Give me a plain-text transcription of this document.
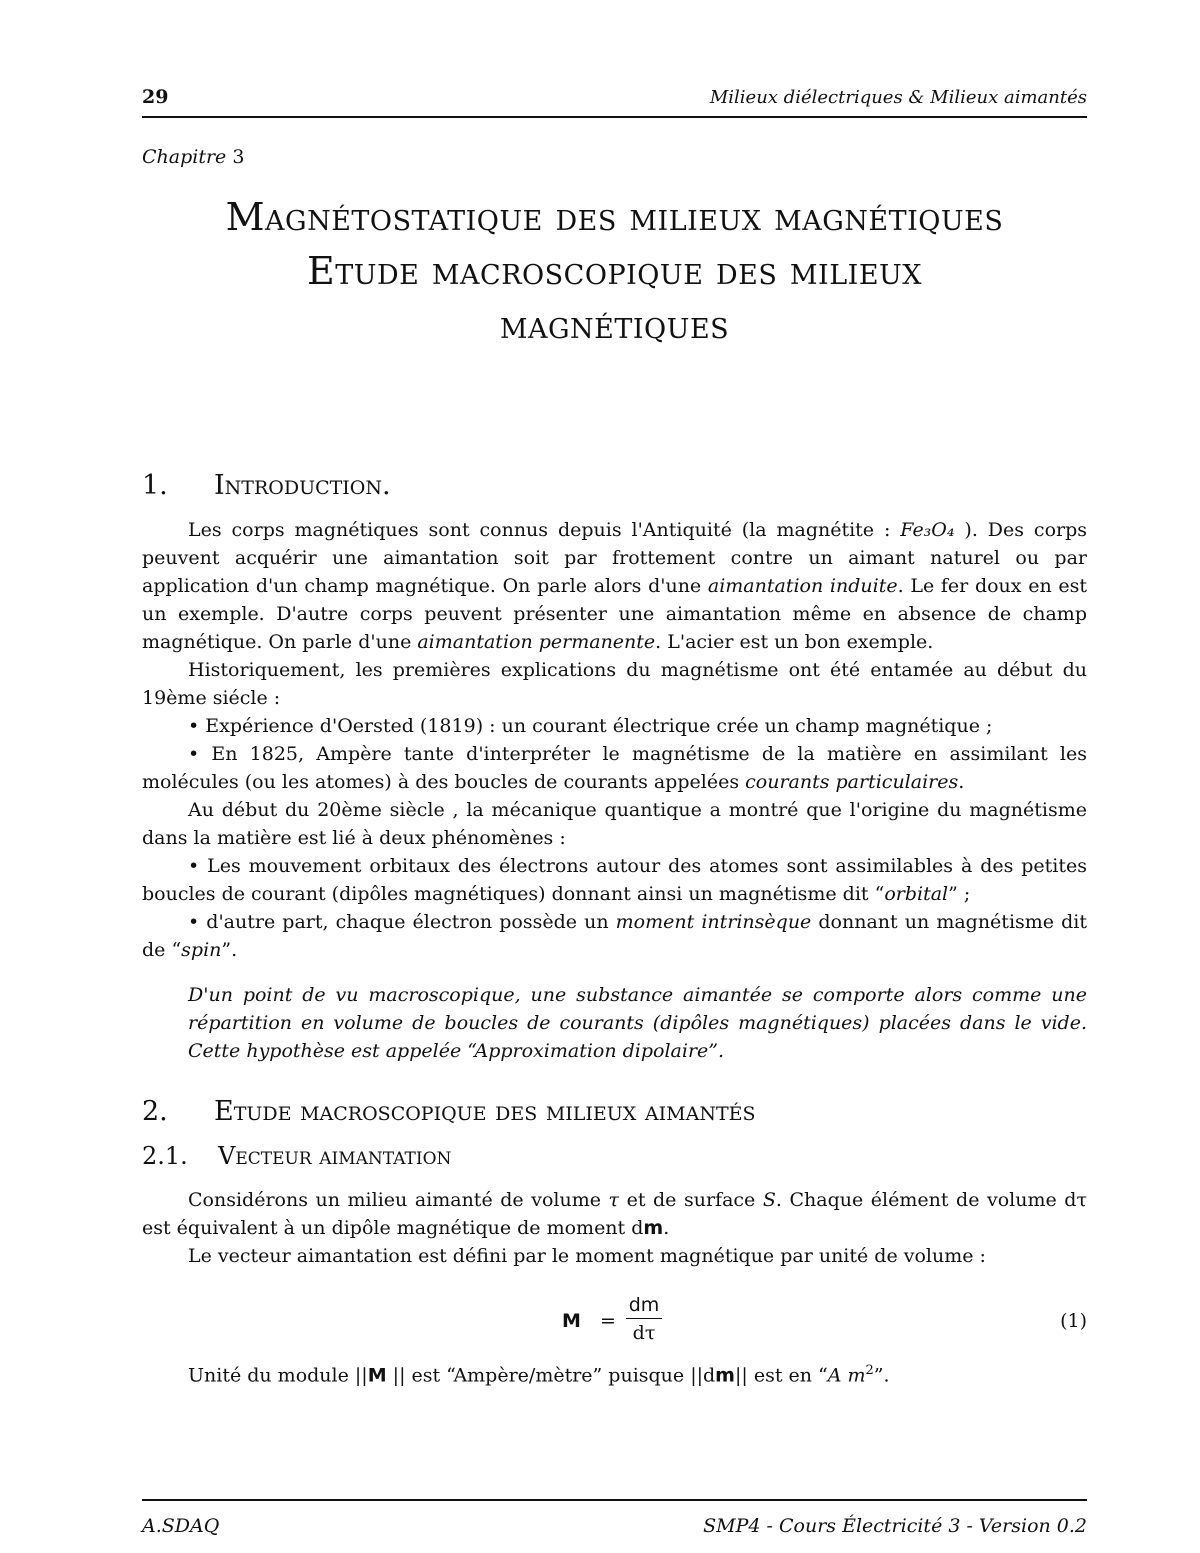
29	Milieux diélectriques & Milieux aimantés
Chapitre 3
Magnétostatique des milieux magnétiques
Etude macroscopique des milieux
magnétiques
1. Introduction.

Les corps magnétiques sont connus depuis l'Antiquité (la magnétite : Fe₃O₄ ). Des corps peuvent acquérir une aimantation soit par frottement contre un aimant naturel ou par application d'un champ magnétique. On parle alors d'une aimantation induite. Le fer doux en est un exemple. D'autre corps peuvent présenter une aimantation même en absence de champ magnétique. On parle d'une aimantation permanente. L'acier est un bon exemple.

Historiquement, les premières explications du magnétisme ont été entamée au début du 19ème siécle :

• Expérience d'Oersted (1819) : un courant électrique crée un champ magnétique ;

• En 1825, Ampère tante d'interpréter le magnétisme de la matière en assimilant les molécules (ou les atomes) à des boucles de courants appelées courants particulaires.

Au début du 20ème siècle , la mécanique quantique a montré que l'origine du magnétisme dans la matière est lié à deux phénomènes :

• Les mouvement orbitaux des électrons autour des atomes sont assimilables à des petites boucles de courant (dipôles magnétiques) donnant ainsi un magnétisme dit “orbital” ;

• d'autre part, chaque électron possède un moment intrinsèque donnant un magnétisme dit de “spin”.

D'un point de vu macroscopique, une substance aimantée se comporte alors comme une répartition en volume de boucles de courants (dipôles magnétiques) placées dans le vide. Cette hypothèse est appelée “Approximation dipolaire”.
2. Etude macroscopique des milieux aimantés
2.1. Vecteur aimantation

Considérons un milieu aimanté de volume τ et de surface S. Chaque élément de volume dτ est équivalent à un dipôle magnétique de moment dm.

Le vecteur aimantation est défini par le moment magnétique par unité de volume :

$M = \frac{dm}{d\tau}$	(1)

Unité du module ||M || est “Ampère/mètre” puisque ||dm|| est en “A $m^2$”.

A.SDAQ	SMP4 - Cours Électricité 3 - Version 0.2
